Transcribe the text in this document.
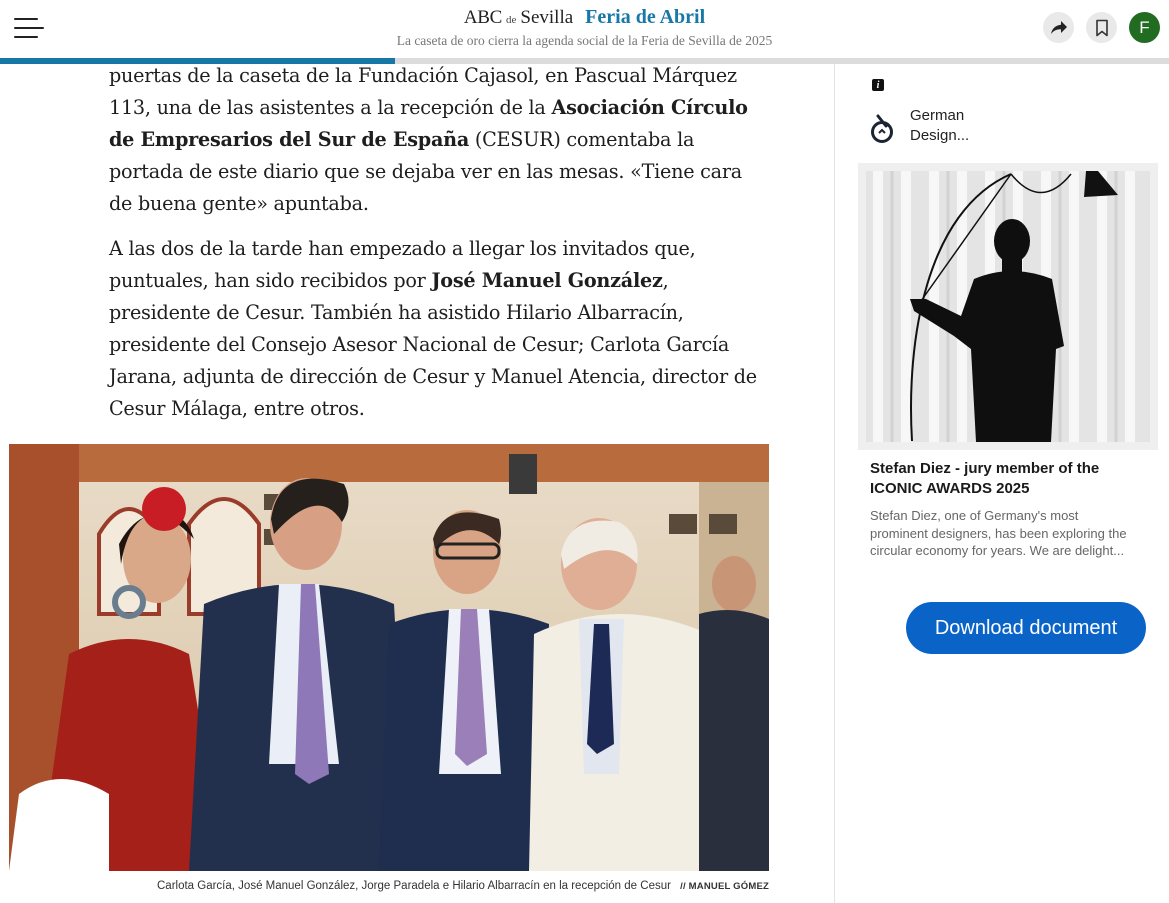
ABC de Sevilla Feria de Abril
La caseta de oro cierra la agenda social de la Feria de Sevilla de 2025
F

puertas de la caseta de la Fundación Cajasol, en Pascual Márquez 113, una de las asistentes a la recepción de la Asociación Círculo de Empresarios del Sur de España (CESUR) comentaba la portada de este diario que se dejaba ver en las mesas. «Tiene cara de buena gente» apuntaba.

A las dos de la tarde han empezado a llegar los invitados que, puntuales, han sido recibidos por José Manuel González, presidente de Cesur. También ha asistido Hilario Albarracín, presidente del Consejo Asesor Nacional de Cesur; Carlota García Jarana, adjunta de dirección de Cesur y Manuel Atencia, director de Cesur Málaga, entre otros.

Carlota García, José Manuel González, Jorge Paradela e Hilario Albarracín en la recepción de Cesur // MANUEL GÓMEZ
i
German
Design...
Stefan Diez - jury member of the ICONIC AWARDS 2025
Stefan Diez, one of Germany's most
prominent designers, has been exploring the
circular economy for years. We are delight...
Download document
